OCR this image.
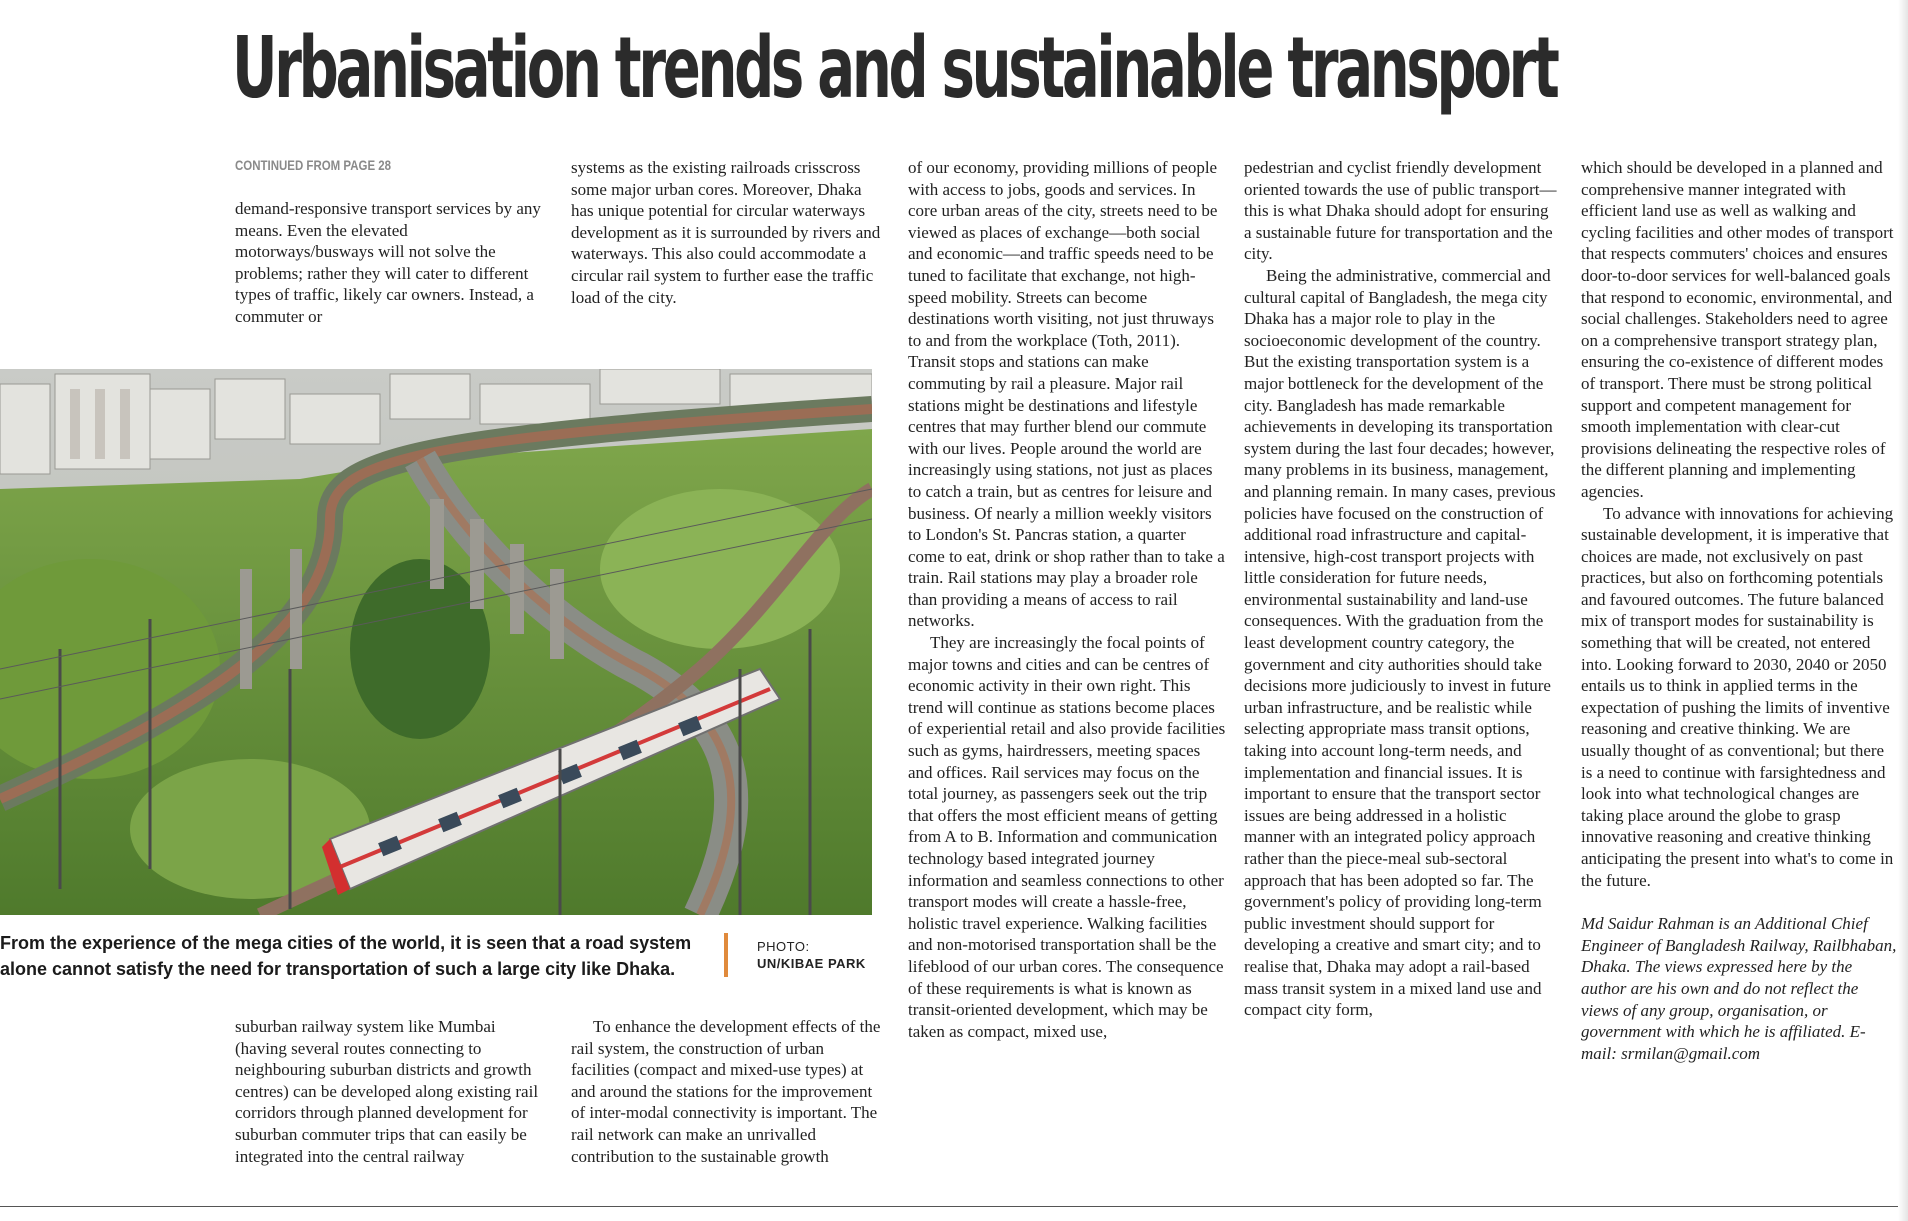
Urbanisation trends and sustainable transport
CONTINUED FROM PAGE 28

demand-responsive transport services by any means. Even the elevated motorways/busways will not solve the problems; rather they will cater to different types of traffic, likely car owners. Instead, a commuter or

systems as the existing railroads crisscross some major urban cores. Moreover, Dhaka has unique potential for circular waterways development as it is surrounded by rivers and waterways. This also could accommodate a circular rail system to further ease the traffic load of the city.

From the experience of the mega cities of the world, it is seen that a road system
alone cannot satisfy the need for transportation of such a large city like Dhaka.
PHOTO:
UN/KIBAE PARK

suburban railway system like Mumbai (having several routes connecting to neighbouring suburban districts and growth centres) can be developed along existing rail corridors through planned development for suburban commuter trips that can easily be integrated into the central railway

To enhance the development effects of the rail system, the construction of urban facilities (compact and mixed-use types) at and around the stations for the improvement of inter-modal connectivity is important. The rail network can make an unrivalled contribution to the sustainable growth

of our economy, providing millions of people with access to jobs, goods and services. In core urban areas of the city, streets need to be viewed as places of exchange—both social and economic—and traffic speeds need to be tuned to facilitate that exchange, not high-speed mobility. Streets can become destinations worth visiting, not just thruways to and from the workplace (Toth, 2011). Transit stops and stations can make commuting by rail a pleasure. Major rail stations might be destinations and lifestyle centres that may further blend our commute with our lives. People around the world are increasingly using stations, not just as places to catch a train, but as centres for leisure and business. Of nearly a million weekly visitors to London's St. Pancras station, a quarter come to eat, drink or shop rather than to take a train. Rail stations may play a broader role than providing a means of access to rail networks.

They are increasingly the focal points of major towns and cities and can be centres of economic activity in their own right. This trend will continue as stations become places of experiential retail and also provide facilities such as gyms, hairdressers, meeting spaces and offices. Rail services may focus on the total journey, as passengers seek out the trip that offers the most efficient means of getting from A to B. Information and communication technology based integrated journey information and seamless connections to other transport modes will create a hassle-free, holistic travel experience. Walking facilities and non-motorised transportation shall be the lifeblood of our urban cores. The consequence of these requirements is what is known as transit-oriented development, which may be taken as compact, mixed use,

pedestrian and cyclist friendly development oriented towards the use of public transport—this is what Dhaka should adopt for ensuring a sustainable future for transportation and the city.

Being the administrative, commercial and cultural capital of Bangladesh, the mega city Dhaka has a major role to play in the socioeconomic development of the country. But the existing transportation system is a major bottleneck for the development of the city. Bangladesh has made remarkable achievements in developing its transportation system during the last four decades; however, many problems in its business, management, and planning remain. In many cases, previous policies have focused on the construction of additional road infrastructure and capital-intensive, high-cost transport projects with little consideration for future needs, environmental sustainability and land-use consequences. With the graduation from the least development country category, the government and city authorities should take decisions more judiciously to invest in future urban infrastructure, and be realistic while selecting appropriate mass transit options, taking into account long-term needs, and implementation and financial issues. It is important to ensure that the transport sector issues are being addressed in a holistic manner with an integrated policy approach rather than the piece-meal sub-sectoral approach that has been adopted so far. The government's policy of providing long-term public investment should support for developing a creative and smart city; and to realise that, Dhaka may adopt a rail-based mass transit system in a mixed land use and compact city form,

which should be developed in a planned and comprehensive manner integrated with efficient land use as well as walking and cycling facilities and other modes of transport that respects commuters' choices and ensures door-to-door services for well-balanced goals that respond to economic, environmental, and social challenges. Stakeholders need to agree on a comprehensive transport strategy plan, ensuring the co-existence of different modes of transport. There must be strong political support and competent management for smooth implementation with clear-cut provisions delineating the respective roles of the different planning and implementing agencies.

To advance with innovations for achieving sustainable development, it is imperative that choices are made, not exclusively on past practices, but also on forthcoming potentials and favoured outcomes. The future balanced mix of transport modes for sustainability is something that will be created, not entered into. Looking forward to 2030, 2040 or 2050 entails us to think in applied terms in the expectation of pushing the limits of inventive reasoning and creative thinking. We are usually thought of as conventional; but there is a need to continue with farsightedness and look into what technological changes are taking place around the globe to grasp innovative reasoning and creative thinking anticipating the present into what's to come in the future.

Md Saidur Rahman is an Additional Chief Engineer of Bangladesh Railway, Railbhaban, Dhaka. The views expressed here by the author are his own and do not reflect the views of any group, organisation, or government with which he is affiliated. E-mail: srmilan@gmail.com
